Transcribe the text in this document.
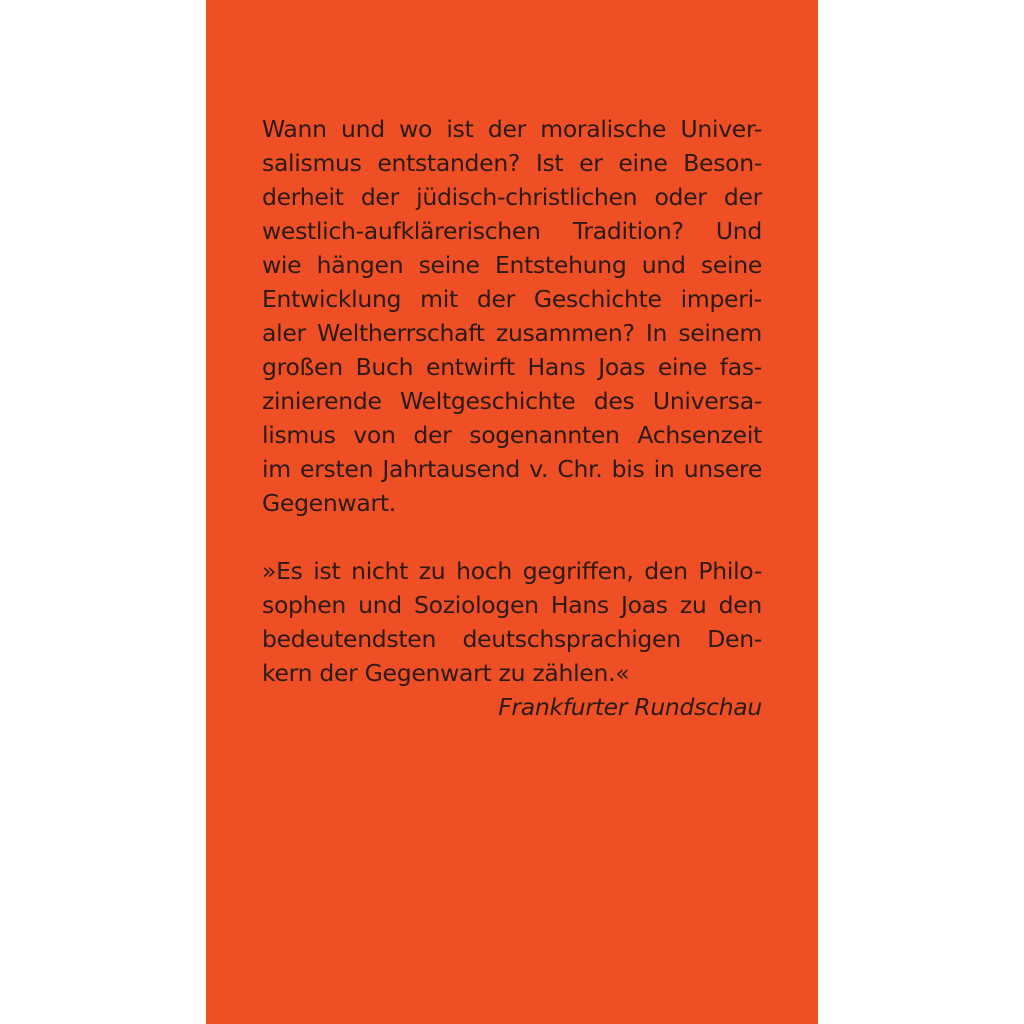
Wann und wo ist der moralische Univer-
salismus entstanden? Ist er eine Beson-
derheit der jüdisch-christlichen oder der
westlich-aufklärerischen Tradition? Und
wie hängen seine Entstehung und seine
Entwicklung mit der Geschichte imperi-
aler Weltherrschaft zusammen? In seinem
großen Buch entwirft Hans Joas eine fas-
zinierende Weltgeschichte des Universa-
lismus von der sogenannten Achsenzeit
im ersten Jahrtausend v. Chr. bis in unsere
Gegenwart.
»Es ist nicht zu hoch gegriffen, den Philo-
sophen und Soziologen Hans Joas zu den
bedeutendsten deutschsprachigen Den-
kern der Gegenwart zu zählen.«
Frankfurter Rundschau
